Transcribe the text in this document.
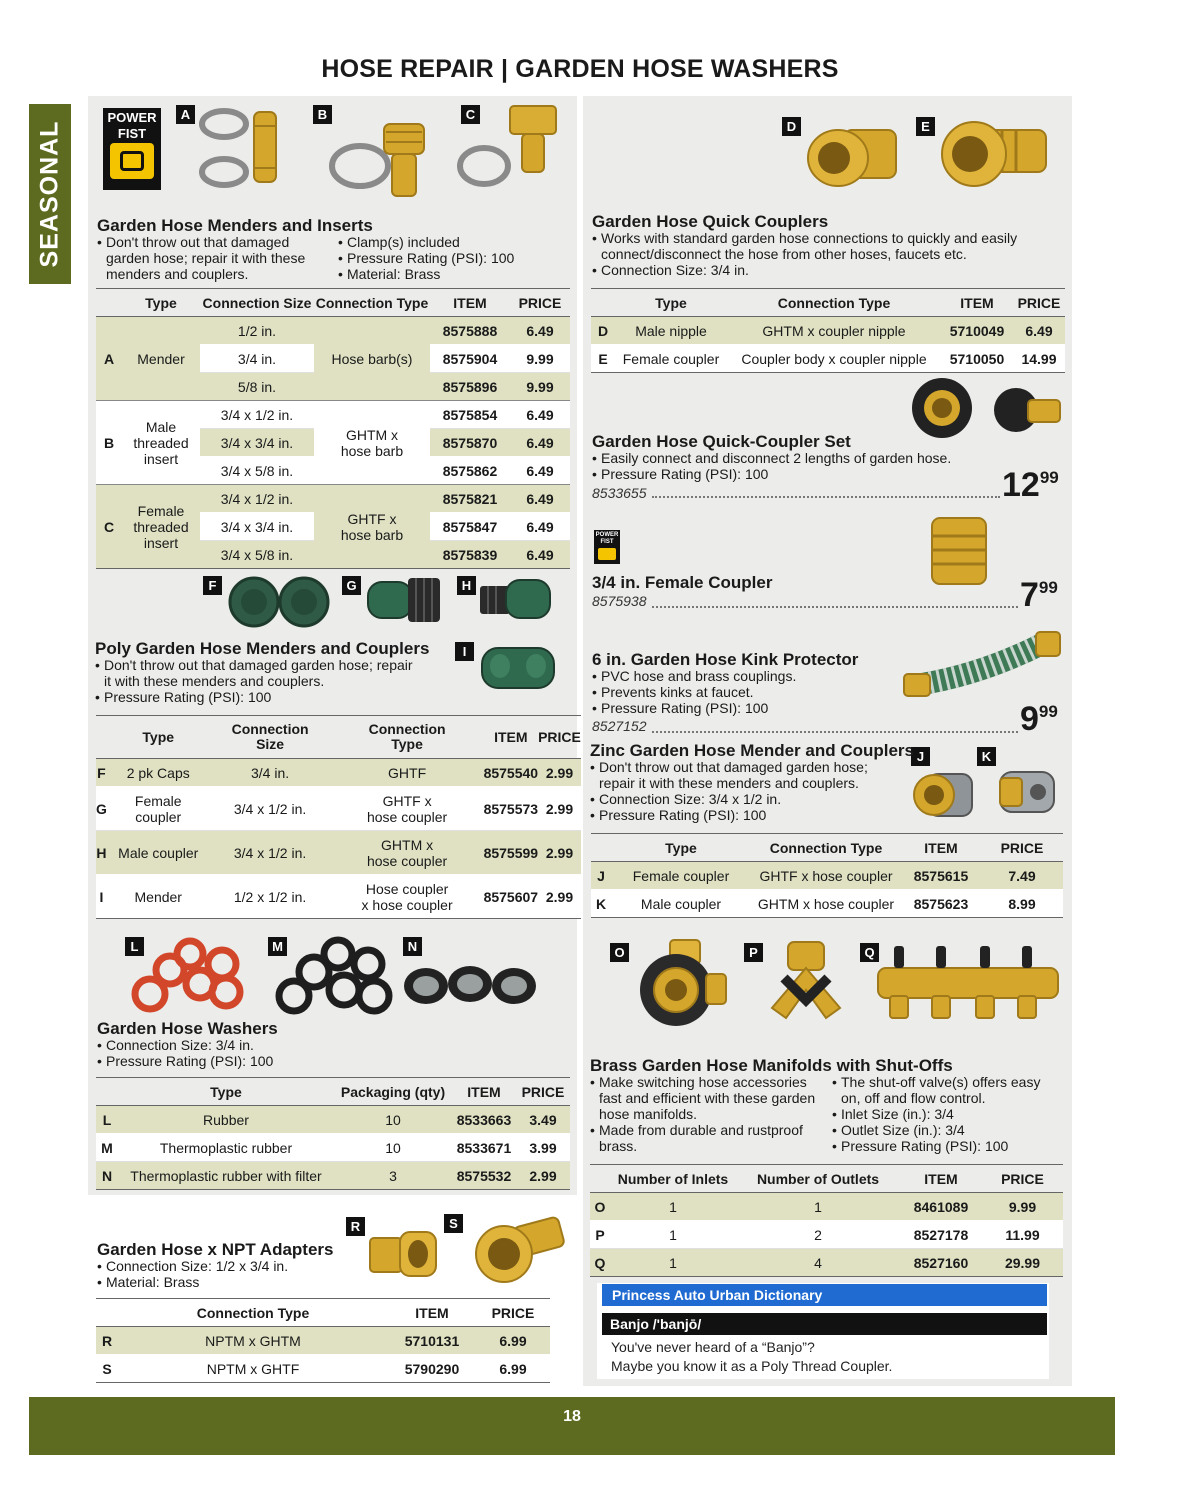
HOSE REPAIR | GARDEN HOSE WASHERS
SEASONAL
POWER
FIST
A	B	C
Garden Hose Menders and Inserts
• Don't throw out that damaged garden hose; repair it with these menders and couplers.
• Clamp(s) included
• Pressure Rating (PSI): 100
• Material: Brass
	Type	Connection Size	Connection Type	ITEM	PRICE
A	Mender	1/2 in.	Hose barb(s)	8575888	6.49
		3/4 in.		8575904	9.99
		5/8 in.		8575896	9.99
B	Male threaded insert	3/4 x 1/2 in.	GHTM x hose barb	8575854	6.49
		3/4 x 3/4 in.		8575870	6.49
		3/4 x 5/8 in.		8575862	6.49
C	Female threaded insert	3/4 x 1/2 in.	GHTF x hose barb	8575821	6.49
		3/4 x 3/4 in.		8575847	6.49
		3/4 x 5/8 in.		8575839	6.49
F	G	H
I
Poly Garden Hose Menders and Couplers
• Don't throw out that damaged garden hose; repair it with these menders and couplers.
• Pressure Rating (PSI): 100
	Type	Connection Size	Connection Type	ITEM	PRICE
F	2 pk Caps	3/4 in.	GHTF	8575540	2.99
G	Female coupler	3/4 x 1/2 in.	GHTF x hose coupler	8575573	2.99
H	Male coupler	3/4 x 1/2 in.	GHTM x hose coupler	8575599	2.99
I	Mender	1/2 x 1/2 in.	Hose coupler x hose coupler	8575607	2.99
L	M	N
Garden Hose Washers
• Connection Size: 3/4 in.
• Pressure Rating (PSI): 100
	Type	Packaging (qty)	ITEM	PRICE
L	Rubber	10	8533663	3.49
M	Thermoplastic rubber	10	8533671	3.99
N	Thermoplastic rubber with filter	3	8575532	2.99
R	S
Garden Hose x NPT Adapters
• Connection Size: 1/2 x 3/4 in.
• Material: Brass
	Connection Type	ITEM	PRICE
R	NPTM x GHTM	5710131	6.99
S	NPTM x GHTF	5790290	6.99
D	E
Garden Hose Quick Couplers
• Works with standard garden hose connections to quickly and easily connect/disconnect the hose from other hoses, faucets etc.
• Connection Size: 3/4 in.
	Type	Connection Type	ITEM	PRICE
D	Male nipple	GHTM x coupler nipple	5710049	6.49
E	Female coupler	Coupler body x coupler nipple	5710050	14.99
Garden Hose Quick-Coupler Set
• Easily connect and disconnect 2 lengths of garden hose.
• Pressure Rating (PSI): 100
8533655	$12^{99}$
POWER
FIST
3/4 in. Female Coupler
8575938	$7^{99}$
6 in. Garden Hose Kink Protector
• PVC hose and brass couplings.
• Prevents kinks at faucet.
• Pressure Rating (PSI): 100
8527152	$9^{99}$
J	K
Zinc Garden Hose Mender and Couplers
• Don't throw out that damaged garden hose; repair it with these menders and couplers.
• Connection Size: 3/4 x 1/2 in.
• Pressure Rating (PSI): 100
	Type	Connection Type	ITEM	PRICE
J	Female coupler	GHTF x hose coupler	8575615	7.49
K	Male coupler	GHTM x hose coupler	8575623	8.99
O	P	Q
Brass Garden Hose Manifolds with Shut-Offs
• Make switching hose accessories fast and efficient with these garden hose manifolds.
• Made from durable and rustproof brass.
• The shut-off valve(s) offers easy on, off and flow control.
• Inlet Size (in.): 3/4
• Outlet Size (in.): 3/4
• Pressure Rating (PSI): 100
	Number of Inlets	Number of Outlets	ITEM	PRICE
O	1	1	8461089	9.99
P	1	2	8527178	11.99
Q	1	4	8527160	29.99
Princess Auto Urban Dictionary
Banjo /'banjō/
You've never heard of a “Banjo”?
Maybe you know it as a Poly Thread Coupler.
18
